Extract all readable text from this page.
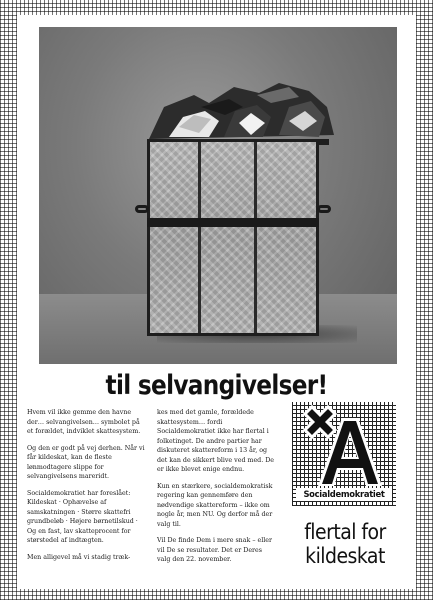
til selvangivelser!

Hvem vil ikke gemme den havne der… selvangivelsen… symbolet på et forældet, indviklet skattesystem.

Og den er godt på vej derhen. Når vi får kildeskat, kan de fleste lønmodtagere slippe for selvangivelsens mareridt.

Socialdemokratiet har foreslået: Kildeskat · Ophævelse af samskatningen · Større skattefri grundbeløb · Højere børnetilskud · Og en fast, lav skatteprocent for størstedel af indtægten.

Men alligevel må vi stadig træk-

kes med det gamle, forældede skattesystem… fordi Socialdemokratiet ikke har flertal i folketinget. De andre partier har diskuteret skattereform i 13 år, og det kan de sikkert blive ved med. De er ikke blevet enige endnu.

Kun en stærkere, socialdemokratisk regering kan gennemføre den nødvendige skattereform – ikke om nogle år, men NU. Og derfor må der valg til.

Vil De finde Dem i mere snak – eller vil De se resultater. Det er Deres valg den 22. november.

Socialdemokratiet
flertal for
kildeskat
